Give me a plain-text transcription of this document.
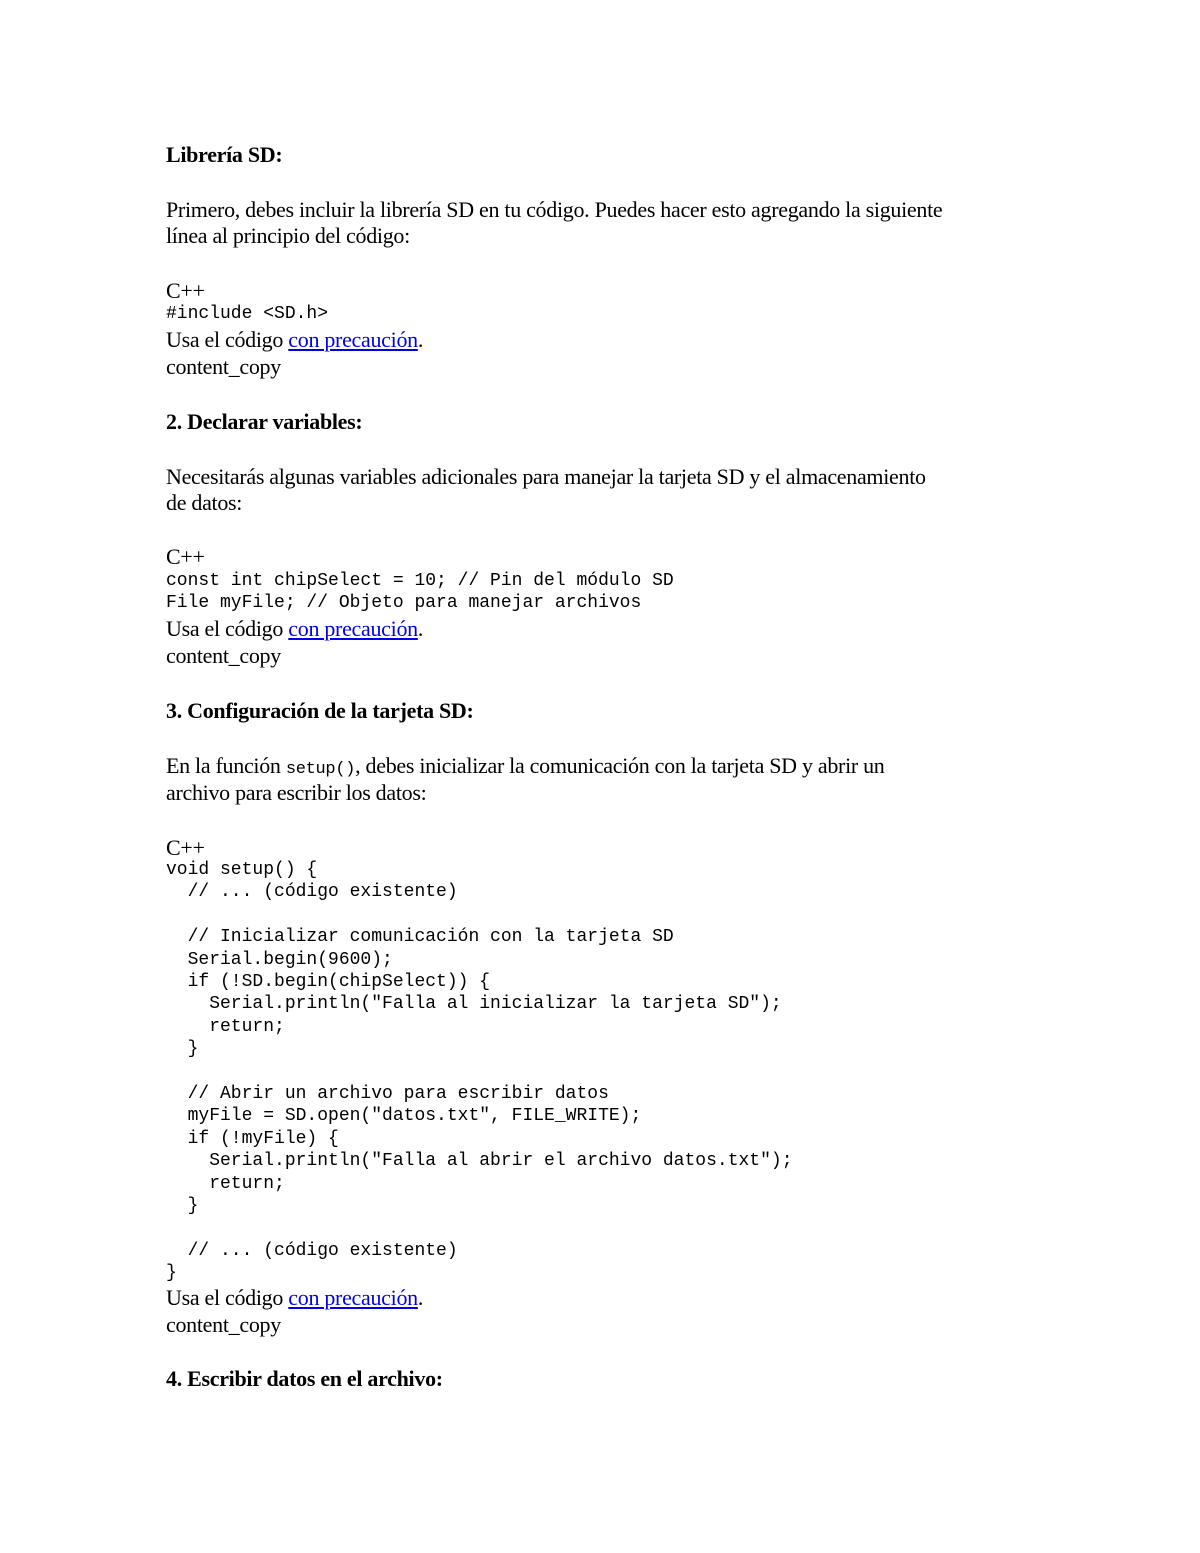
Librería SD:
Primero, debes incluir la librería SD en tu código. Puedes hacer esto agregando la siguiente
línea al principio del código:
C++
#include <SD.h>
Usa el código con precaución.
content_copy
2. Declarar variables:
Necesitarás algunas variables adicionales para manejar la tarjeta SD y el almacenamiento
de datos:
C++
const int chipSelect = 10; // Pin del módulo SD
File myFile; // Objeto para manejar archivos
Usa el código con precaución.
content_copy
3. Configuración de la tarjeta SD:
En la función setup(), debes inicializar la comunicación con la tarjeta SD y abrir un
archivo para escribir los datos:
C++
void setup() {
// ... (código existente)
// Inicializar comunicación con la tarjeta SD
Serial.begin(9600);
if (!SD.begin(chipSelect)) {
Serial.println("Falla al inicializar la tarjeta SD");
return;
}
// Abrir un archivo para escribir datos
myFile = SD.open("datos.txt", FILE_WRITE);
if (!myFile) {
Serial.println("Falla al abrir el archivo datos.txt");
return;
}
// ... (código existente)
}
Usa el código con precaución.
content_copy
4. Escribir datos en el archivo:
